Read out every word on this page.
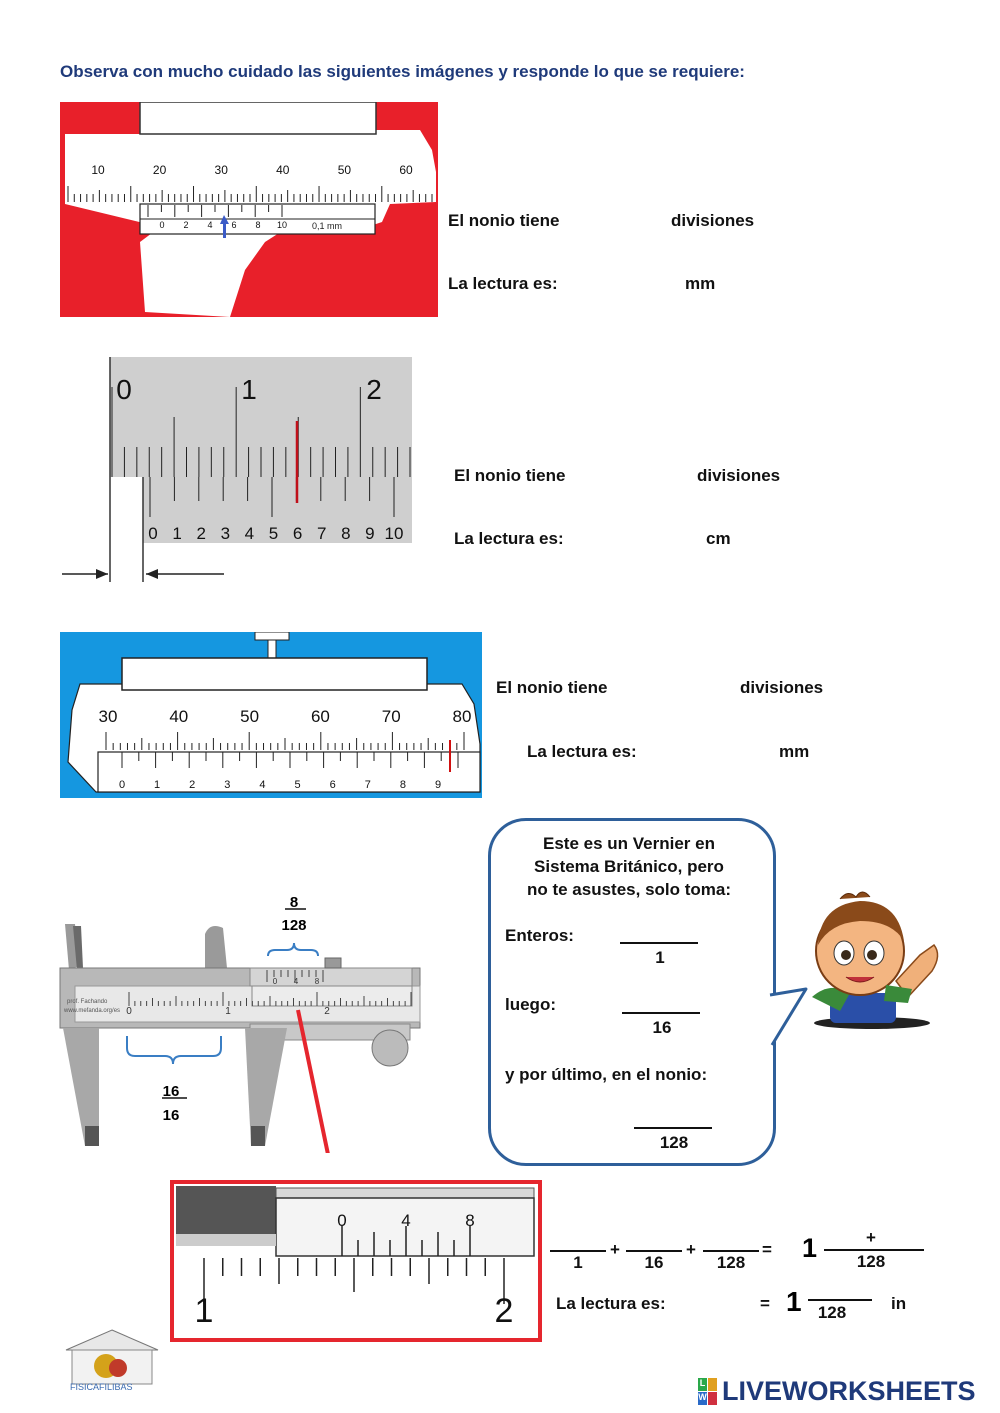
Observa con mucho cuidado las siguientes imágenes y responde lo que se requiere:
10	20	30	40	50	60
0 2 4 6 8 10	0,1 mm	El nonio tiene	divisiones
La lectura es:	mm
0	1	2
0 1 2 3 4 5 6 7 8 9 10
El nonio tiene	divisiones
La lectura es:	cm
30	40	50	60	70	80
0	1	2	3	4	5	6	7	8	9
El nonio tiene	divisiones
La lectura es:	mm
8
128
0	1	2
0 4 8
prof. Fachando
www.mefanda.org/es
16
16
1	2
0	4	8
Este es un Vernier en
Sistema Británico, pero
no te asustes, solo toma:
Enteros:
1
luego:
16
y por último, en el nonio:
128
1
+
16
+
128
= 1	+
128
La lectura es:	= 1 128	in
FISICAFILIBAS	L
W LIVEWORKSHEETS
